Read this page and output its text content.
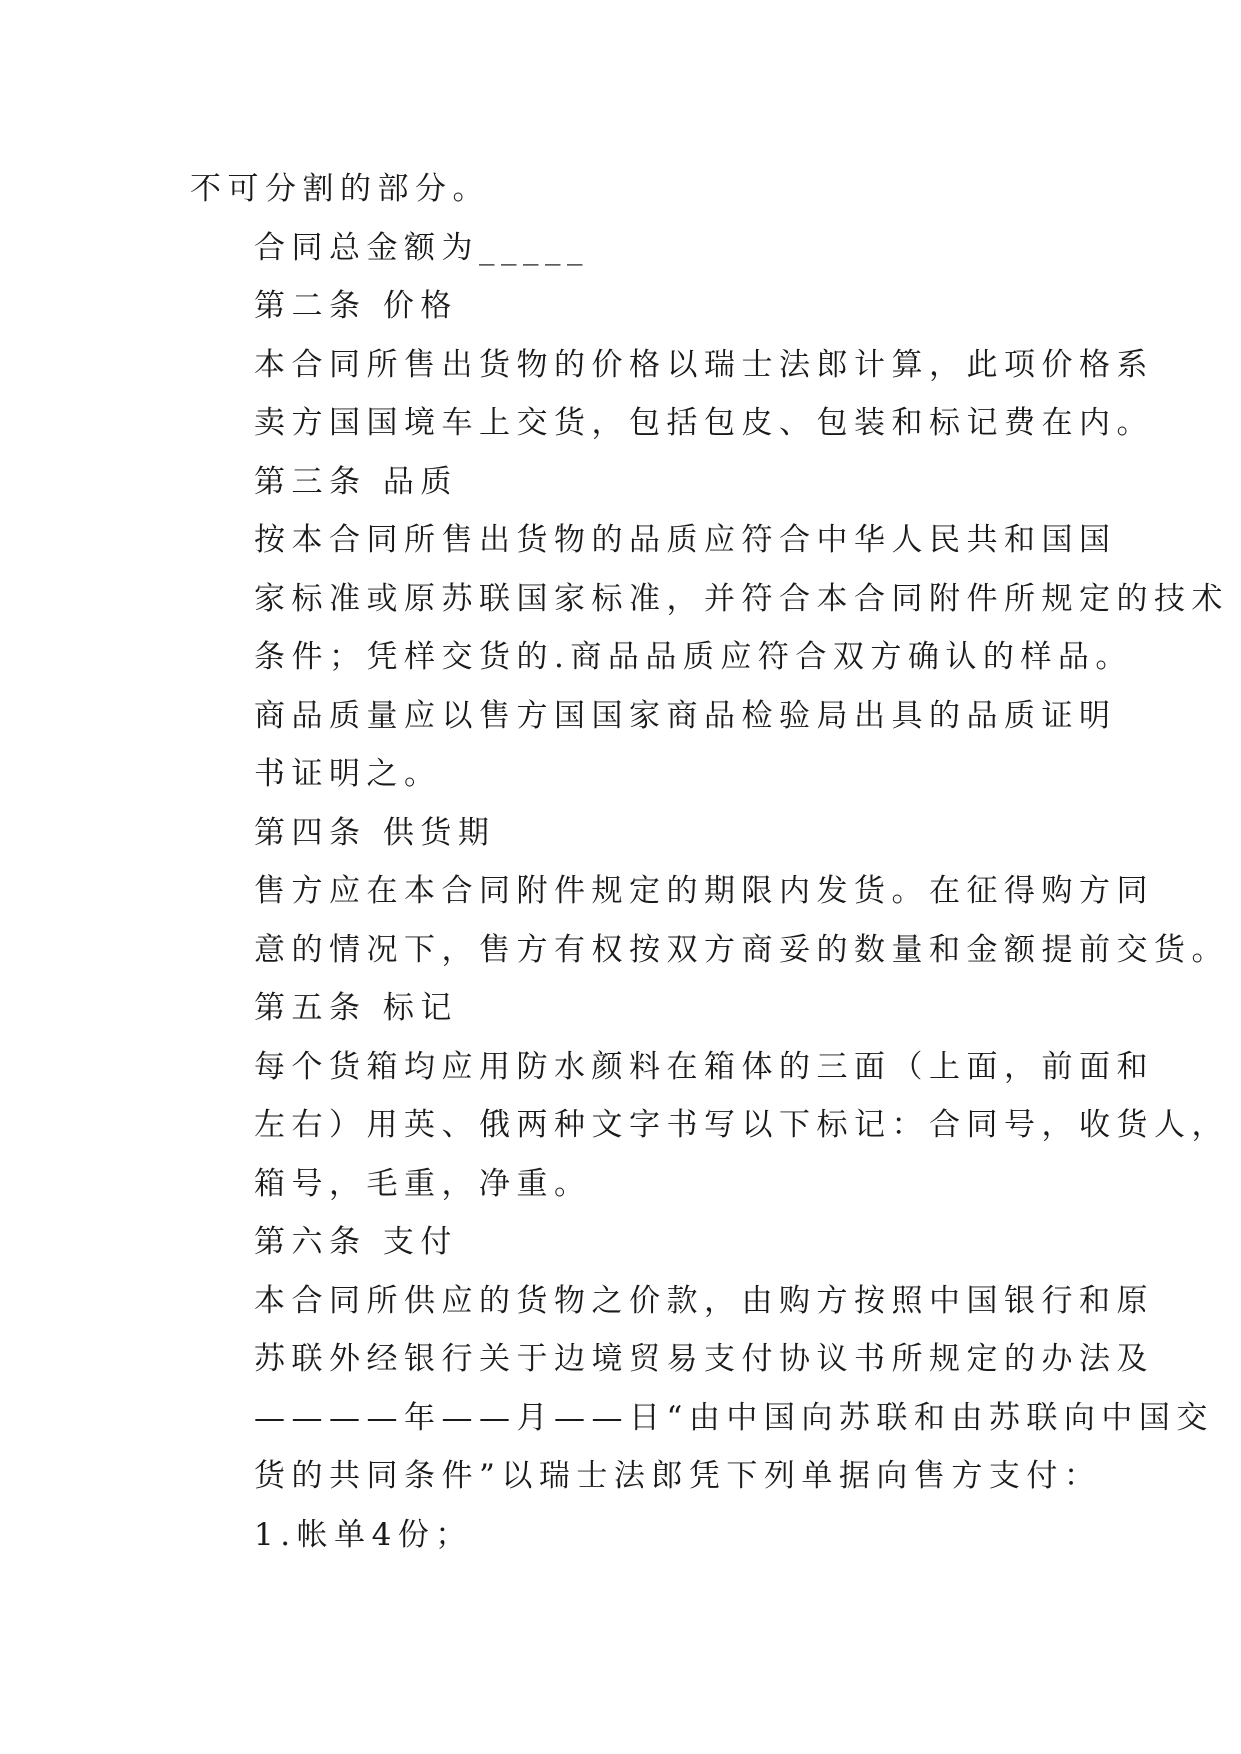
不可分割的部分。

合同总金额为_____

第二条 价格

本合同所售出货物的价格以瑞士法郎计算，此项价格系
卖方国国境车上交货，包括包皮、包装和标记费在内。

第三条 品质

按本合同所售出货物的品质应符合中华人民共和国国
家标准或原苏联国家标准，并符合本合同附件所规定的技术
条件；凭样交货的.商品品质应符合双方确认的样品。

商品质量应以售方国国家商品检验局出具的品质证明
书证明之。

第四条 供货期

售方应在本合同附件规定的期限内发货。在征得购方同
意的情况下，售方有权按双方商妥的数量和金额提前交货。

第五条 标记

每个货箱均应用防水颜料在箱体的三面（上面，前面和
左右）用英、俄两种文字书写以下标记：合同号，收货人，
箱号，毛重，净重。

第六条 支付

本合同所供应的货物之价款，由购方按照中国银行和原
苏联外经银行关于边境贸易支付协议书所规定的办法及
————年——月——日“由中国向苏联和由苏联向中国交
货的共同条件”以瑞士法郎凭下列单据向售方支付：

1.帐单4份；
